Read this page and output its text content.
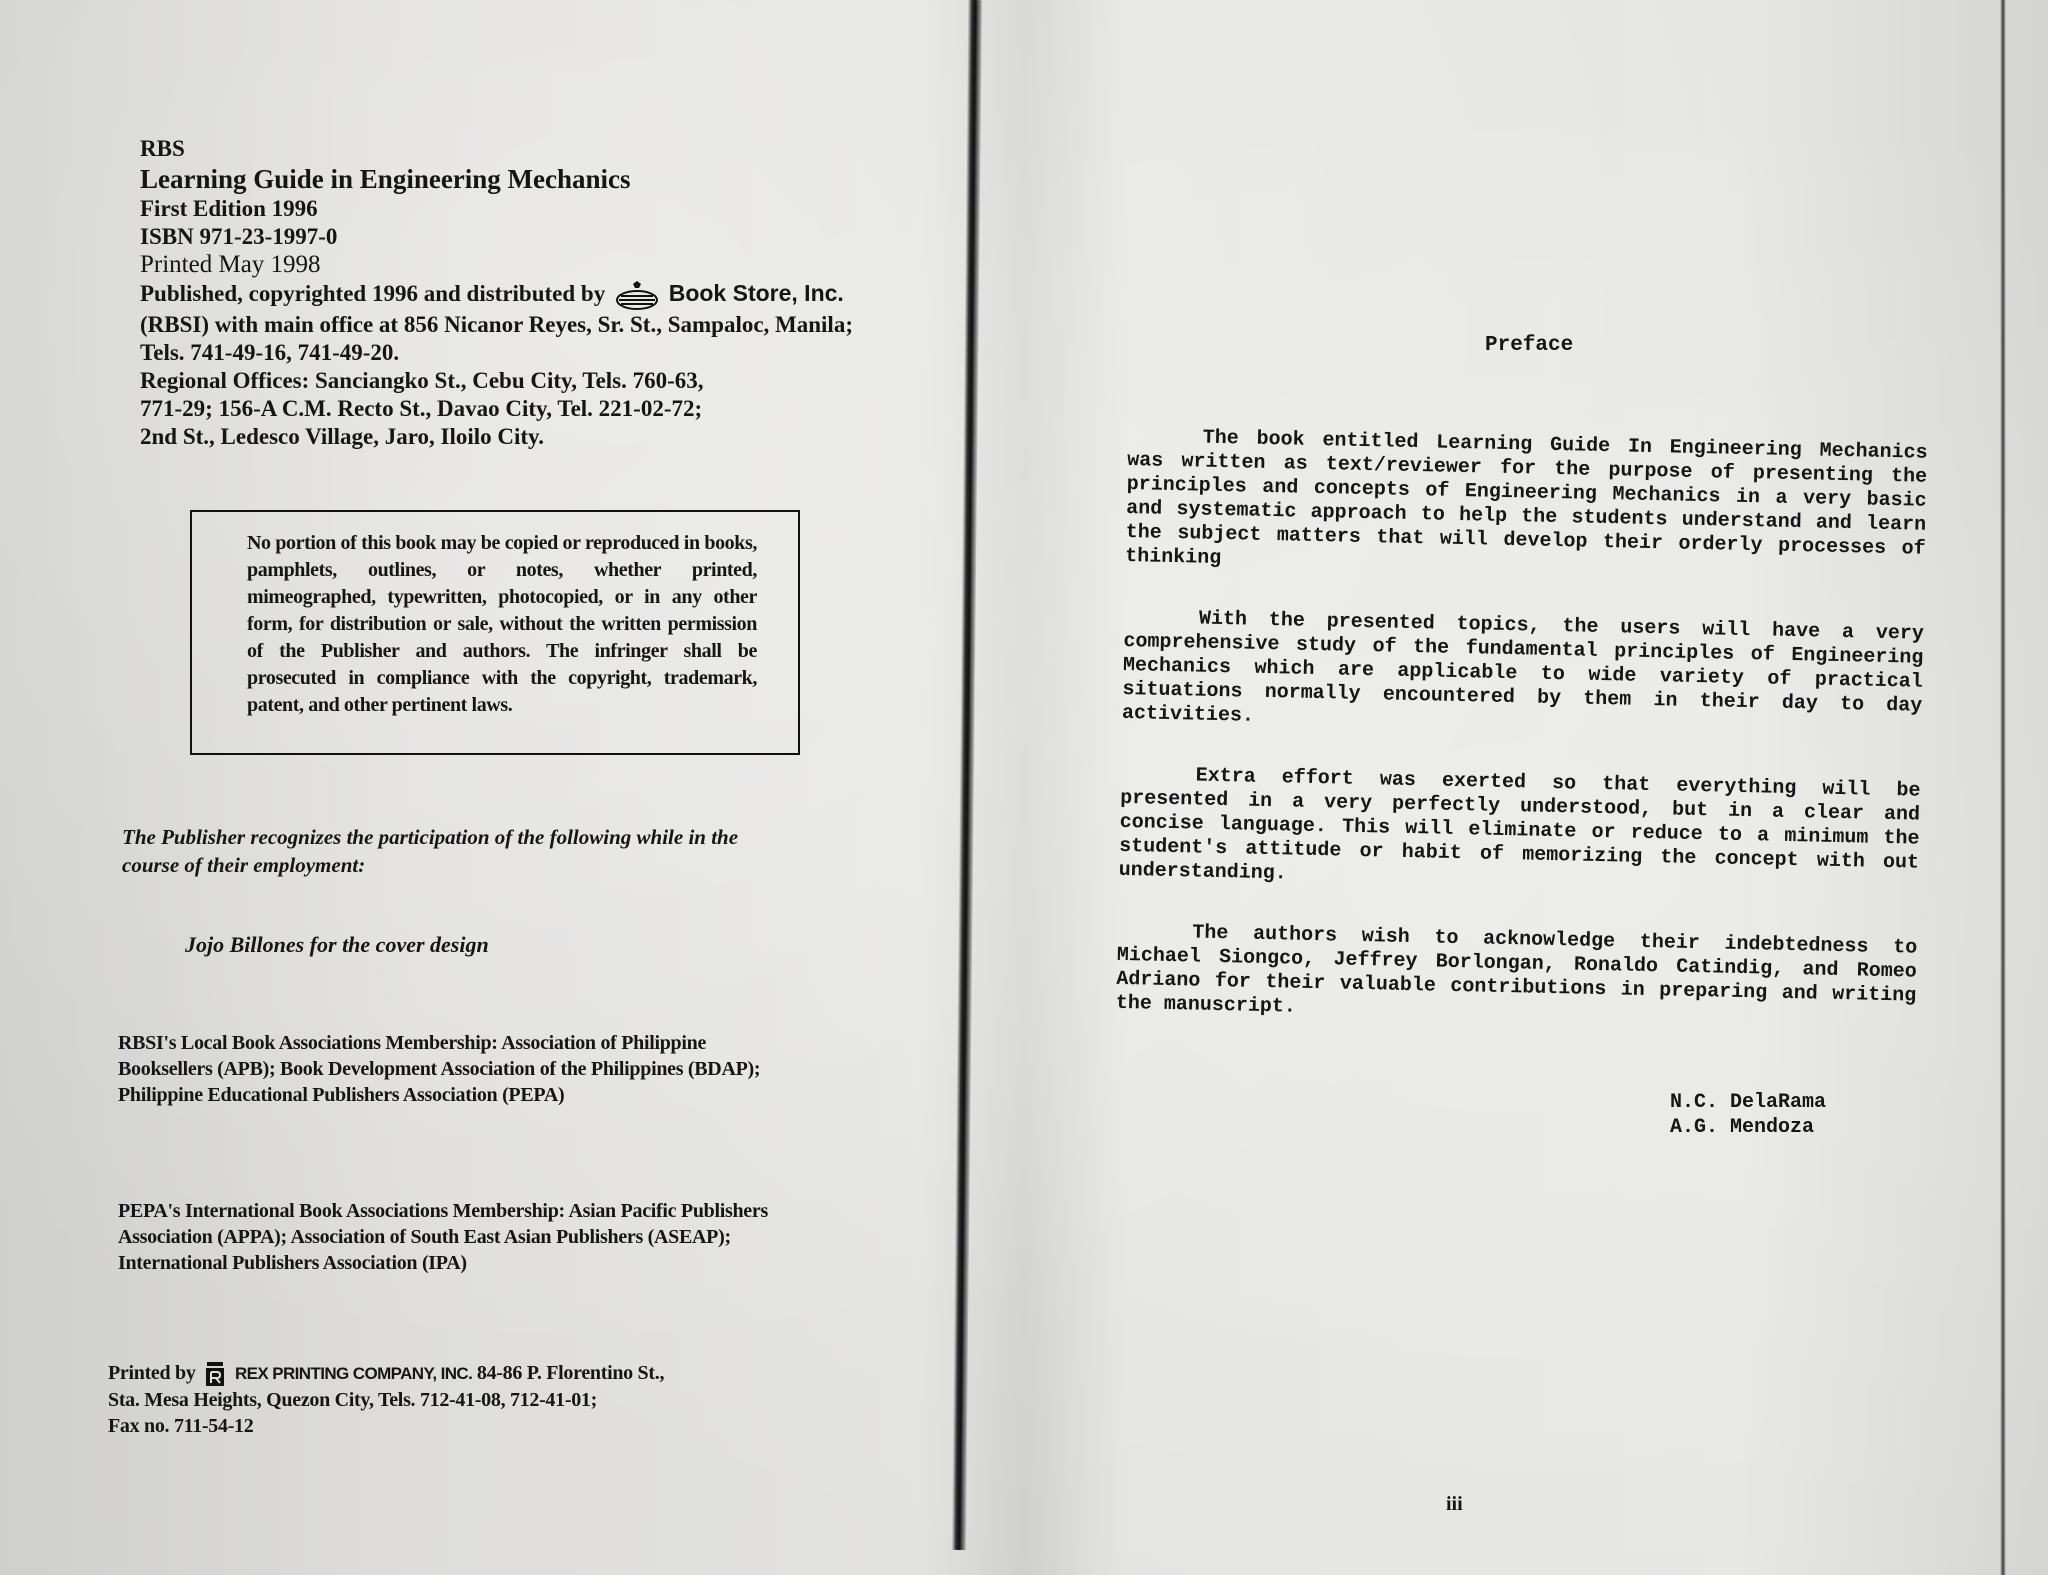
RBS
Learning Guide in Engineering Mechanics
First Edition 1996
ISBN 971-23-1997-0
Printed May 1998
Published, copyrighted 1996 and distributed by	Book Store, Inc.
(RBSI) with main office at 856 Nicanor Reyes, Sr. St., Sampaloc, Manila;
Tels. 741-49-16, 741-49-20.
Regional Offices: Sanciangko St., Cebu City, Tels. 760-63,
771-29; 156-A C.M. Recto St., Davao City, Tel. 221-02-72;
2nd St., Ledesco Village, Jaro, Iloilo City.
No portion of this book may be copied or reproduced in books, pamphlets, outlines, or notes, whether printed, mimeographed, typewritten, photocopied, or in any other form, for distribution or sale, without the written permission of the Publisher and authors. The infringer shall be prosecuted in compliance with the copyright, trademark, patent, and other pertinent laws.
The Publisher recognizes the participation of the following while in the course of their employment:
Jojo Billones for the cover design
RBSI's Local Book Associations Membership: Association of Philippine Booksellers (APB); Book Development Association of the Philippines (BDAP); Philippine Educational Publishers Association (PEPA)
PEPA's International Book Associations Membership: Asian Pacific Publishers Association (APPA); Association of South East Asian Publishers (ASEAP); International Publishers Association (IPA)
Printed by REX PRINTING COMPANY, INC. 84-86 P. Florentino St.,
Sta. Mesa Heights, Quezon City, Tels. 712-41-08, 712-41-01;
Fax no. 711-54-12
Preface

The book entitled Learning Guide In Engineering Mechanics was written as text/reviewer for the purpose of presenting the principles and concepts of Engineering Mechanics in a very basic and systematic approach to help the students understand and learn the subject matters that will develop their orderly processes of thinking

With the presented topics, the users will have a very comprehensive study of the fundamental principles of Engineering Mechanics which are applicable to wide variety of practical situations normally encountered by them in their day to day activities.

Extra effort was exerted so that everything will be presented in a very perfectly understood, but in a clear and concise language. This will eliminate or reduce to a minimum the student's attitude or habit of memorizing the concept with out understanding.

The authors wish to acknowledge their indebtedness to Michael Siongco, Jeffrey Borlongan, Ronaldo Catindig, and Romeo Adriano for their valuable contributions in preparing and writing the manuscript.

N.C. DelaRama
A.G. Mendoza
iii
